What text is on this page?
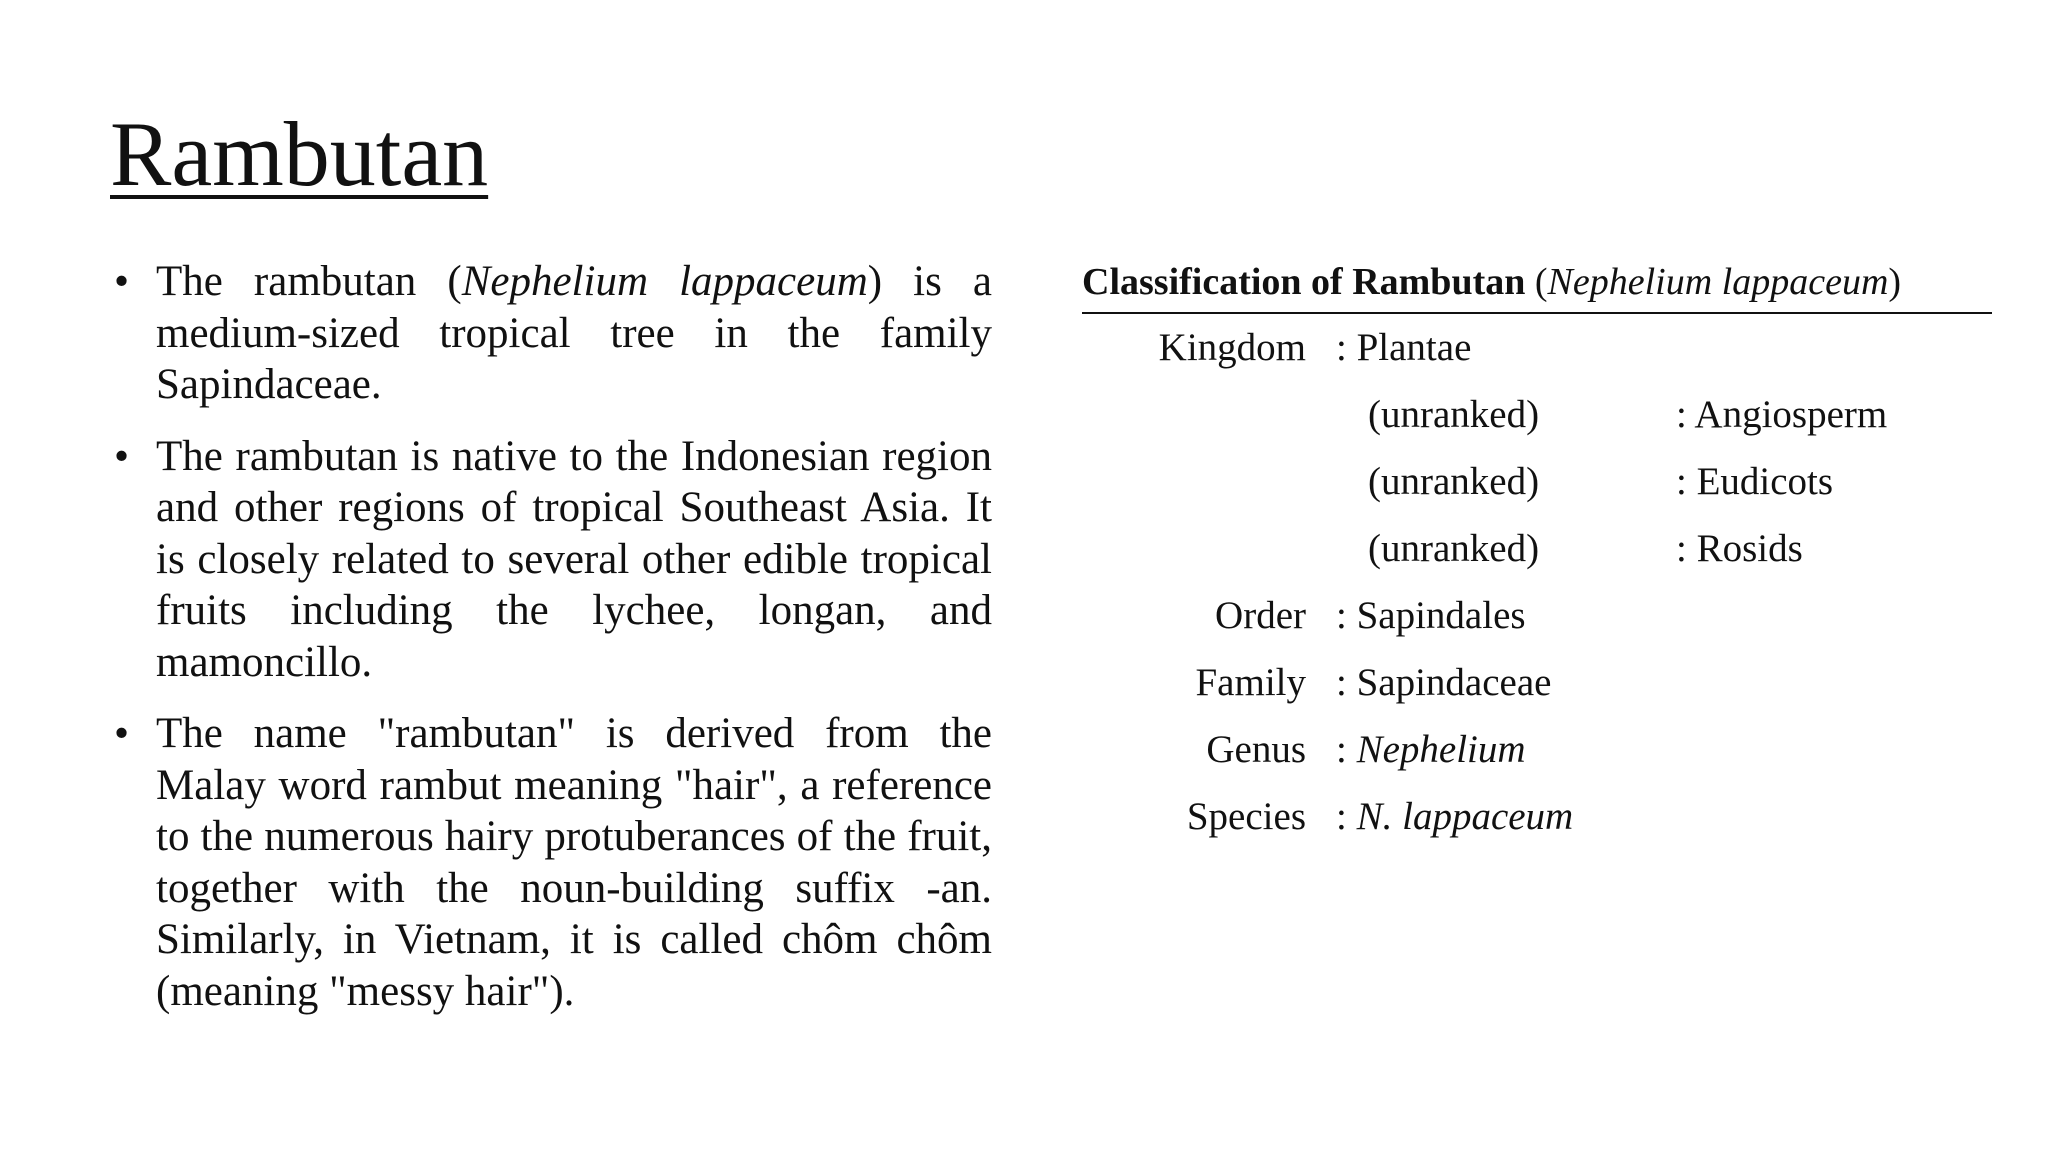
Rambutan
• The rambutan (Nephelium lappaceum) is a medium-sized tropical tree in the family Sapindaceae.
• The rambutan is native to the Indonesian region and other regions of tropical Southeast Asia. It is closely related to several other edible tropical fruits including the lychee, longan, and mamoncillo.
• The name "rambutan" is derived from the Malay word rambut meaning "hair", a reference to the numerous hairy protuberances of the fruit, together with the noun-building suffix -an. Similarly, in Vietnam, it is called chôm chôm (meaning "messy hair").

Classification of Rambutan (Nephelium lappaceum)

Kingdom : Plantae
(unranked)	: Angiosperm
(unranked)	: Eudicots
(unranked)	: Rosids
Order : Sapindales
Family : Sapindaceae
Genus : Nephelium
Species : N. lappaceum
